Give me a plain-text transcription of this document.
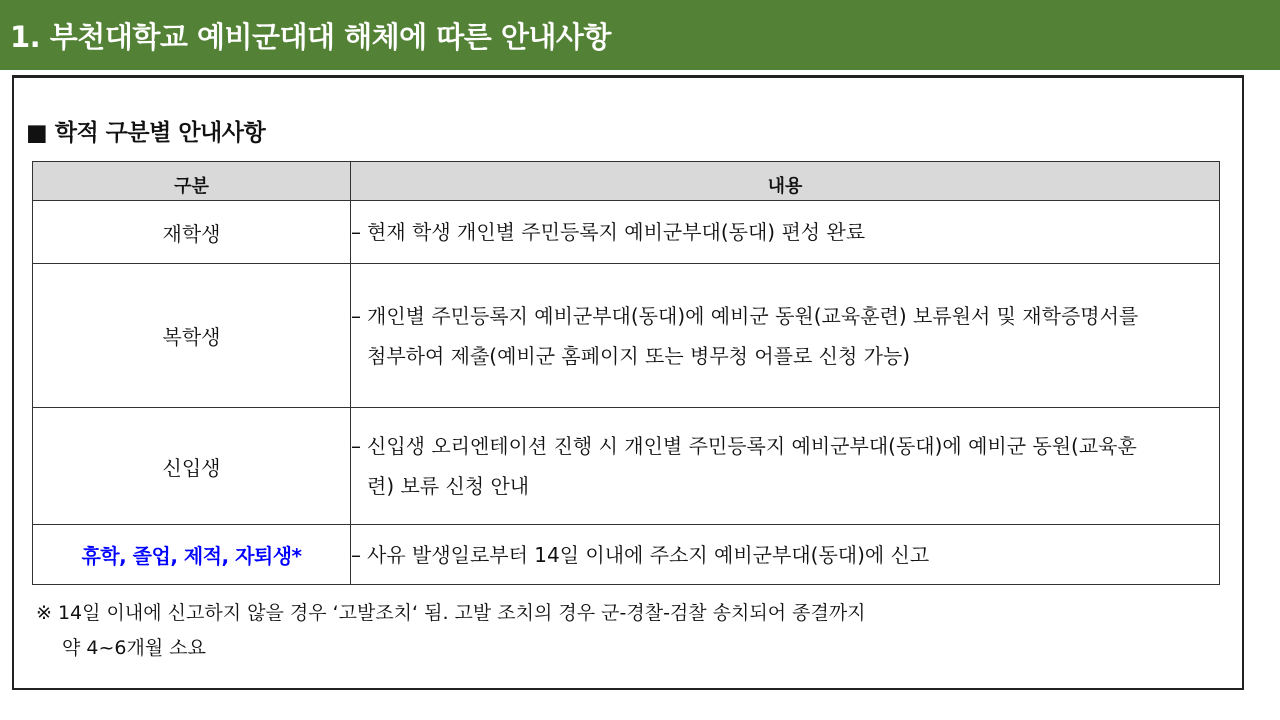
1. 부천대학교 예비군대대 해체에 따른 안내사항
■ 학적 구분별 안내사항
구분	내용
재학생	– 현재 학생 개인별 주민등록지 예비군부대(동대) 편성 완료

복학생	– 개인별 주민등록지 예비군부대(동대)에 예비군 동원(교육훈련) 보류원서 및 재학증명서를
첨부하여 제출(예비군 홈페이지 또는 병무청 어플로 신청 가능)

신입생	– 신입생 오리엔테이션 진행 시 개인별 주민등록지 예비군부대(동대)에 예비군 동원(교육훈
련) 보류 신청 안내

휴학, 졸업, 제적, 자퇴생*	– 사유 발생일로부터 14일 이내에 주소지 예비군부대(동대)에 신고
※ 14일 이내에 신고하지 않을 경우 ‘고발조치‘ 됨. 고발 조치의 경우 군-경찰-검찰 송치되어 종결까지
약 4~6개월 소요
